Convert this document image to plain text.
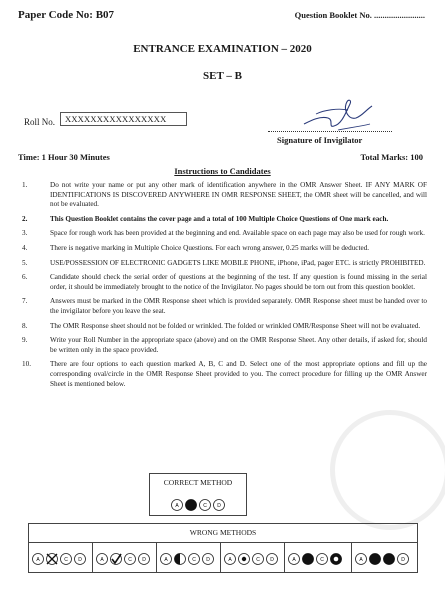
Paper Code No: B07	Question Booklet No. ........................
ENTRANCE EXAMINATION – 2020
SET – B
Roll No. XXXXXXXXXXXXXXXX
Signature of Invigilator
Time: 1 Hour 30 Minutes	Total Marks: 100
Instructions to Candidates
1.	Do not write your name or put any other mark of identification anywhere in the OMR Answer Sheet. IF ANY MARK OF IDENTIFICATIONS IS DISCOVERED ANYWHERE IN OMR RESPONSE SHEET, the OMR sheet will be cancelled, and will not be evaluated.
2.	This Question Booklet contains the cover page and a total of 100 Multiple Choice Questions of One mark each.
3.	Space for rough work has been provided at the beginning and end. Available space on each page may also be used for rough work.
4.	There is negative marking in Multiple Choice Questions. For each wrong answer, 0.25 marks will be deducted.
5.	USE/POSSESSION OF ELECTRONIC GADGETS LIKE MOBILE PHONE, iPhone, iPad, pager ETC. is strictly PROHIBITED.
6.	Candidate should check the serial order of questions at the beginning of the test. If any question is found missing in the serial order, it should be immediately brought to the notice of the Invigilator. No pages should be torn out from this question booklet.
7.	Answers must be marked in the OMR Response sheet which is provided separately. OMR Response sheet must be handed over to the invigilator before you leave the seat.
8.	The OMR Response sheet should not be folded or wrinkled. The folded or wrinkled OMR/Response Sheet will not be evaluated.
9.	Write your Roll Number in the appropriate space (above) and on the OMR Response Sheet. Any other details, if asked for, should be written only in the space provided.
10.	There are four options to each question marked A, B, C and D. Select one of the most appropriate options and fill up the corresponding oval/circle in the OMR Response Sheet provided to you. The correct procedure for filling up the OMR Answer Sheet is mentioned below.
CORRECT METHOD
A	C D
WRONG METHODS
A	C D	A	C D	A	C D	A	C D	A	C	A	D
